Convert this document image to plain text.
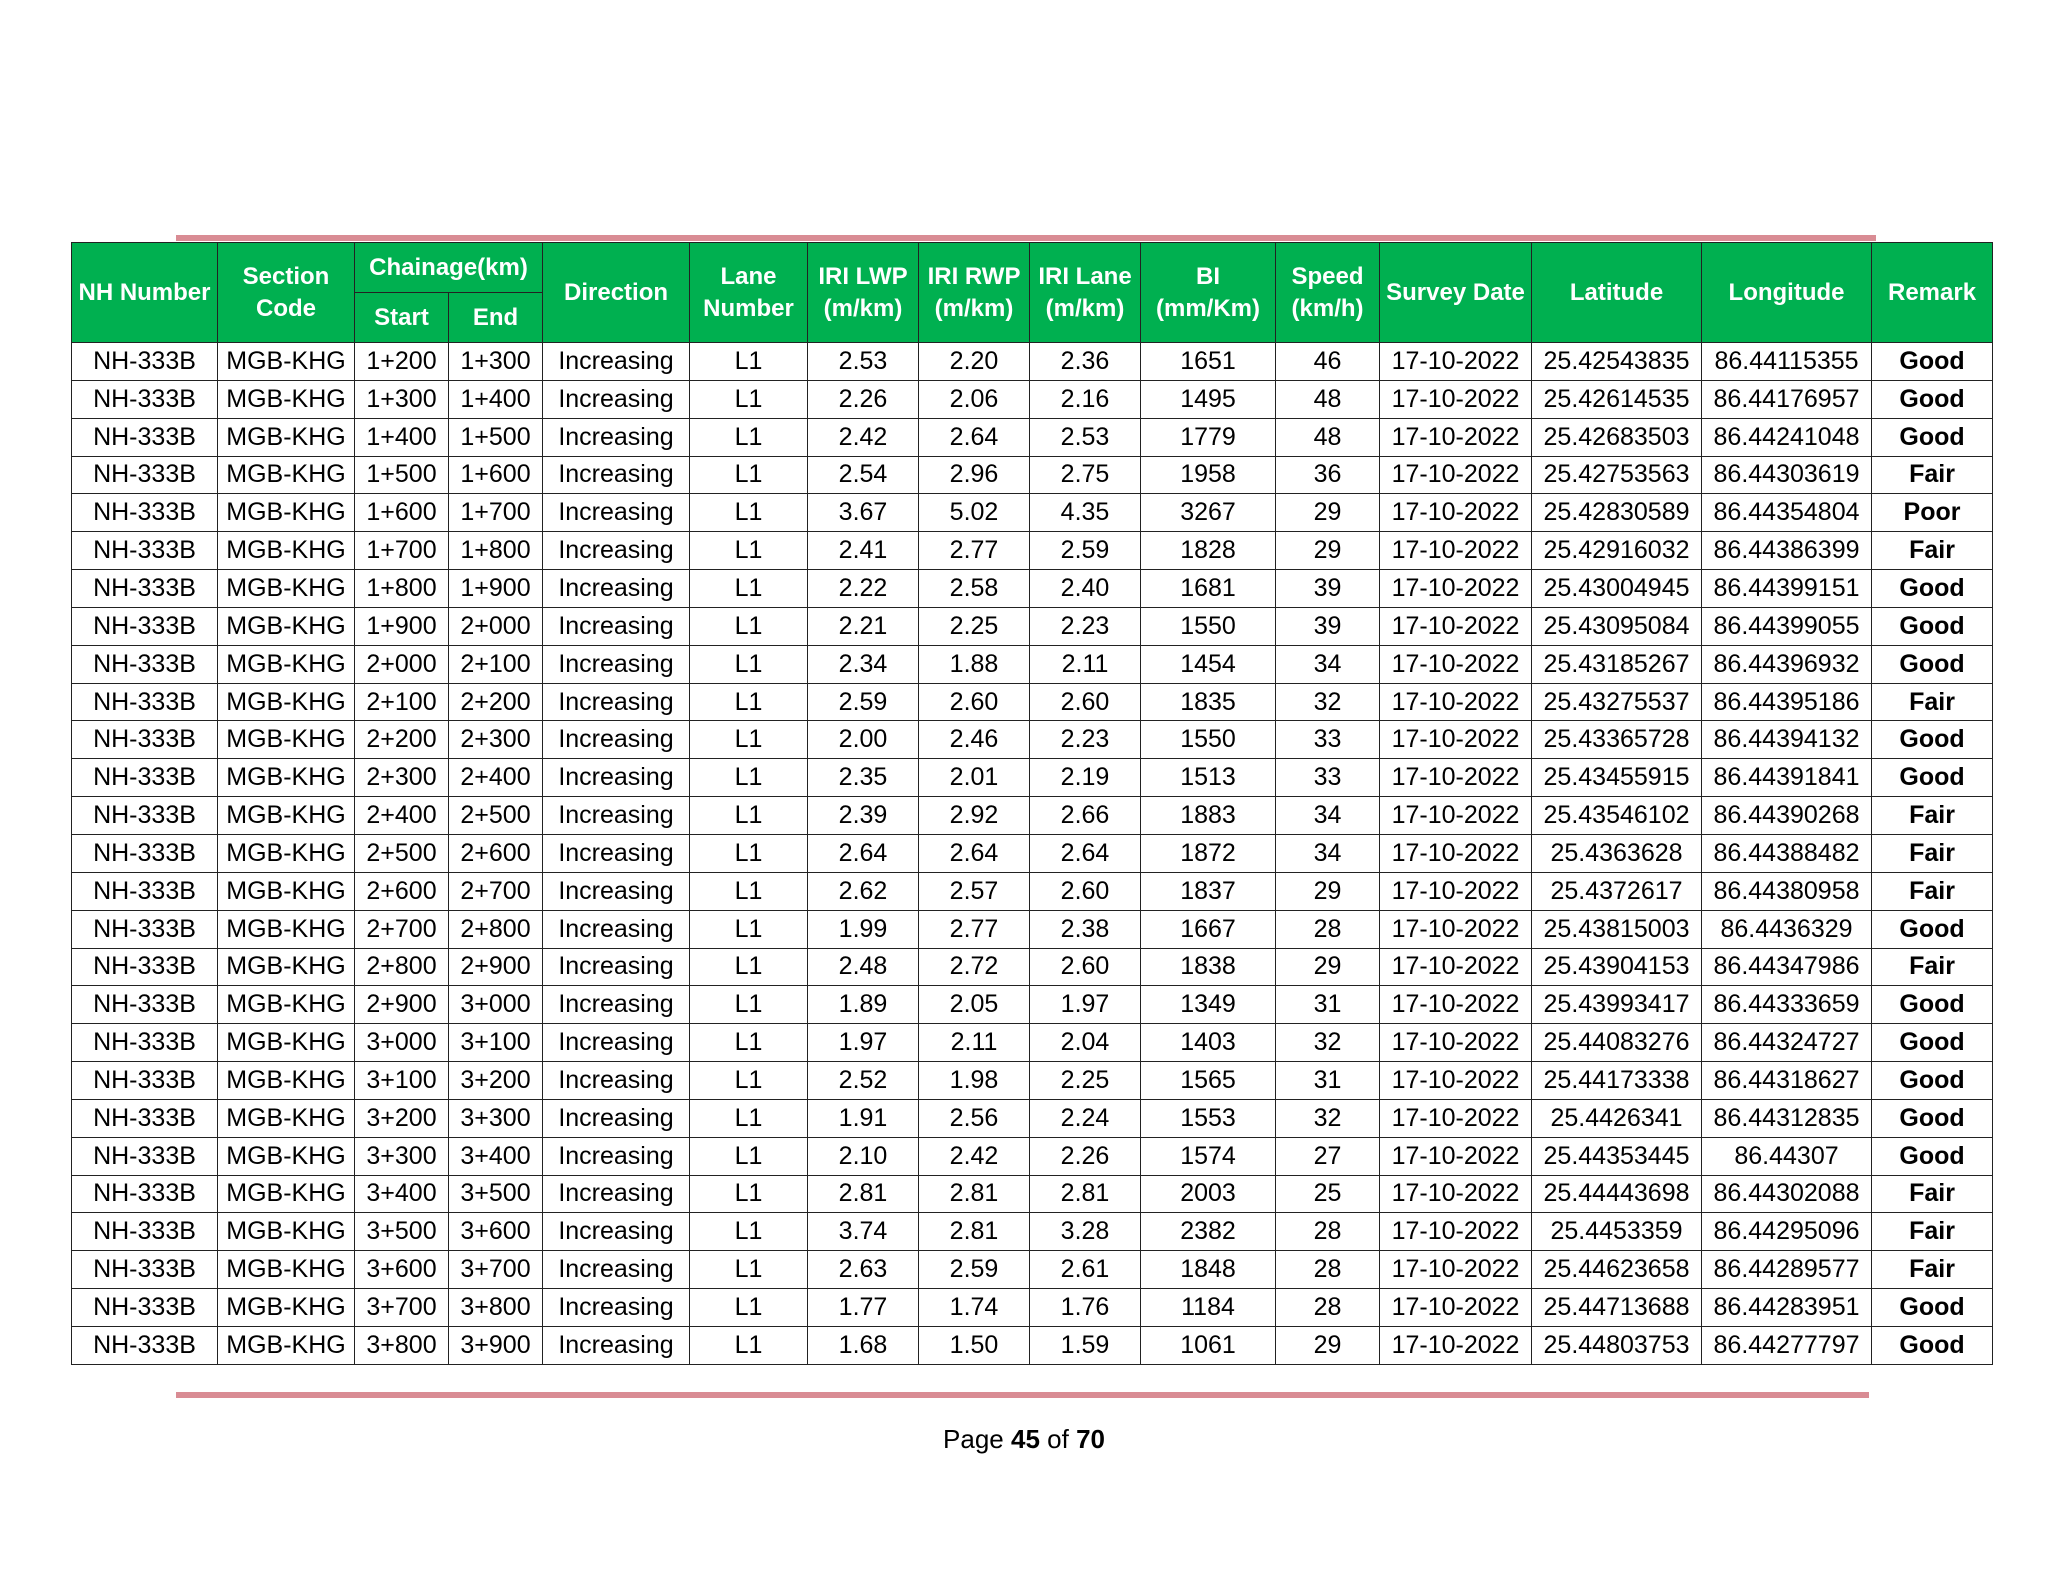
NH Number	Section Code	Chainage(km)		Direction	Lane Number	IRI LWP (m/km)	IRI RWP (m/km)	IRI Lane (m/km)	BI (mm/Km)	Speed (km/h)	Survey Date	Latitude	Longitude	Remark
		Start	End											
NH-333B	MGB-KHG	1+200	1+300	Increasing	L1	2.53	2.20	2.36	1651	46	17-10-2022	25.42543835	86.44115355	Good
NH-333B	MGB-KHG	1+300	1+400	Increasing	L1	2.26	2.06	2.16	1495	48	17-10-2022	25.42614535	86.44176957	Good
NH-333B	MGB-KHG	1+400	1+500	Increasing	L1	2.42	2.64	2.53	1779	48	17-10-2022	25.42683503	86.44241048	Good
NH-333B	MGB-KHG	1+500	1+600	Increasing	L1	2.54	2.96	2.75	1958	36	17-10-2022	25.42753563	86.44303619	Fair
NH-333B	MGB-KHG	1+600	1+700	Increasing	L1	3.67	5.02	4.35	3267	29	17-10-2022	25.42830589	86.44354804	Poor
NH-333B	MGB-KHG	1+700	1+800	Increasing	L1	2.41	2.77	2.59	1828	29	17-10-2022	25.42916032	86.44386399	Fair
NH-333B	MGB-KHG	1+800	1+900	Increasing	L1	2.22	2.58	2.40	1681	39	17-10-2022	25.43004945	86.44399151	Good
NH-333B	MGB-KHG	1+900	2+000	Increasing	L1	2.21	2.25	2.23	1550	39	17-10-2022	25.43095084	86.44399055	Good
NH-333B	MGB-KHG	2+000	2+100	Increasing	L1	2.34	1.88	2.11	1454	34	17-10-2022	25.43185267	86.44396932	Good
NH-333B	MGB-KHG	2+100	2+200	Increasing	L1	2.59	2.60	2.60	1835	32	17-10-2022	25.43275537	86.44395186	Fair
NH-333B	MGB-KHG	2+200	2+300	Increasing	L1	2.00	2.46	2.23	1550	33	17-10-2022	25.43365728	86.44394132	Good
NH-333B	MGB-KHG	2+300	2+400	Increasing	L1	2.35	2.01	2.19	1513	33	17-10-2022	25.43455915	86.44391841	Good
NH-333B	MGB-KHG	2+400	2+500	Increasing	L1	2.39	2.92	2.66	1883	34	17-10-2022	25.43546102	86.44390268	Fair
NH-333B	MGB-KHG	2+500	2+600	Increasing	L1	2.64	2.64	2.64	1872	34	17-10-2022	25.4363628	86.44388482	Fair
NH-333B	MGB-KHG	2+600	2+700	Increasing	L1	2.62	2.57	2.60	1837	29	17-10-2022	25.4372617	86.44380958	Fair
NH-333B	MGB-KHG	2+700	2+800	Increasing	L1	1.99	2.77	2.38	1667	28	17-10-2022	25.43815003	86.4436329	Good
NH-333B	MGB-KHG	2+800	2+900	Increasing	L1	2.48	2.72	2.60	1838	29	17-10-2022	25.43904153	86.44347986	Fair
NH-333B	MGB-KHG	2+900	3+000	Increasing	L1	1.89	2.05	1.97	1349	31	17-10-2022	25.43993417	86.44333659	Good
NH-333B	MGB-KHG	3+000	3+100	Increasing	L1	1.97	2.11	2.04	1403	32	17-10-2022	25.44083276	86.44324727	Good
NH-333B	MGB-KHG	3+100	3+200	Increasing	L1	2.52	1.98	2.25	1565	31	17-10-2022	25.44173338	86.44318627	Good
NH-333B	MGB-KHG	3+200	3+300	Increasing	L1	1.91	2.56	2.24	1553	32	17-10-2022	25.4426341	86.44312835	Good
NH-333B	MGB-KHG	3+300	3+400	Increasing	L1	2.10	2.42	2.26	1574	27	17-10-2022	25.44353445	86.44307	Good
NH-333B	MGB-KHG	3+400	3+500	Increasing	L1	2.81	2.81	2.81	2003	25	17-10-2022	25.44443698	86.44302088	Fair
NH-333B	MGB-KHG	3+500	3+600	Increasing	L1	3.74	2.81	3.28	2382	28	17-10-2022	25.4453359	86.44295096	Fair
NH-333B	MGB-KHG	3+600	3+700	Increasing	L1	2.63	2.59	2.61	1848	28	17-10-2022	25.44623658	86.44289577	Fair
NH-333B	MGB-KHG	3+700	3+800	Increasing	L1	1.77	1.74	1.76	1184	28	17-10-2022	25.44713688	86.44283951	Good
NH-333B	MGB-KHG	3+800	3+900	Increasing	L1	1.68	1.50	1.59	1061	29	17-10-2022	25.44803753	86.44277797	Good
Page 45 of 70
